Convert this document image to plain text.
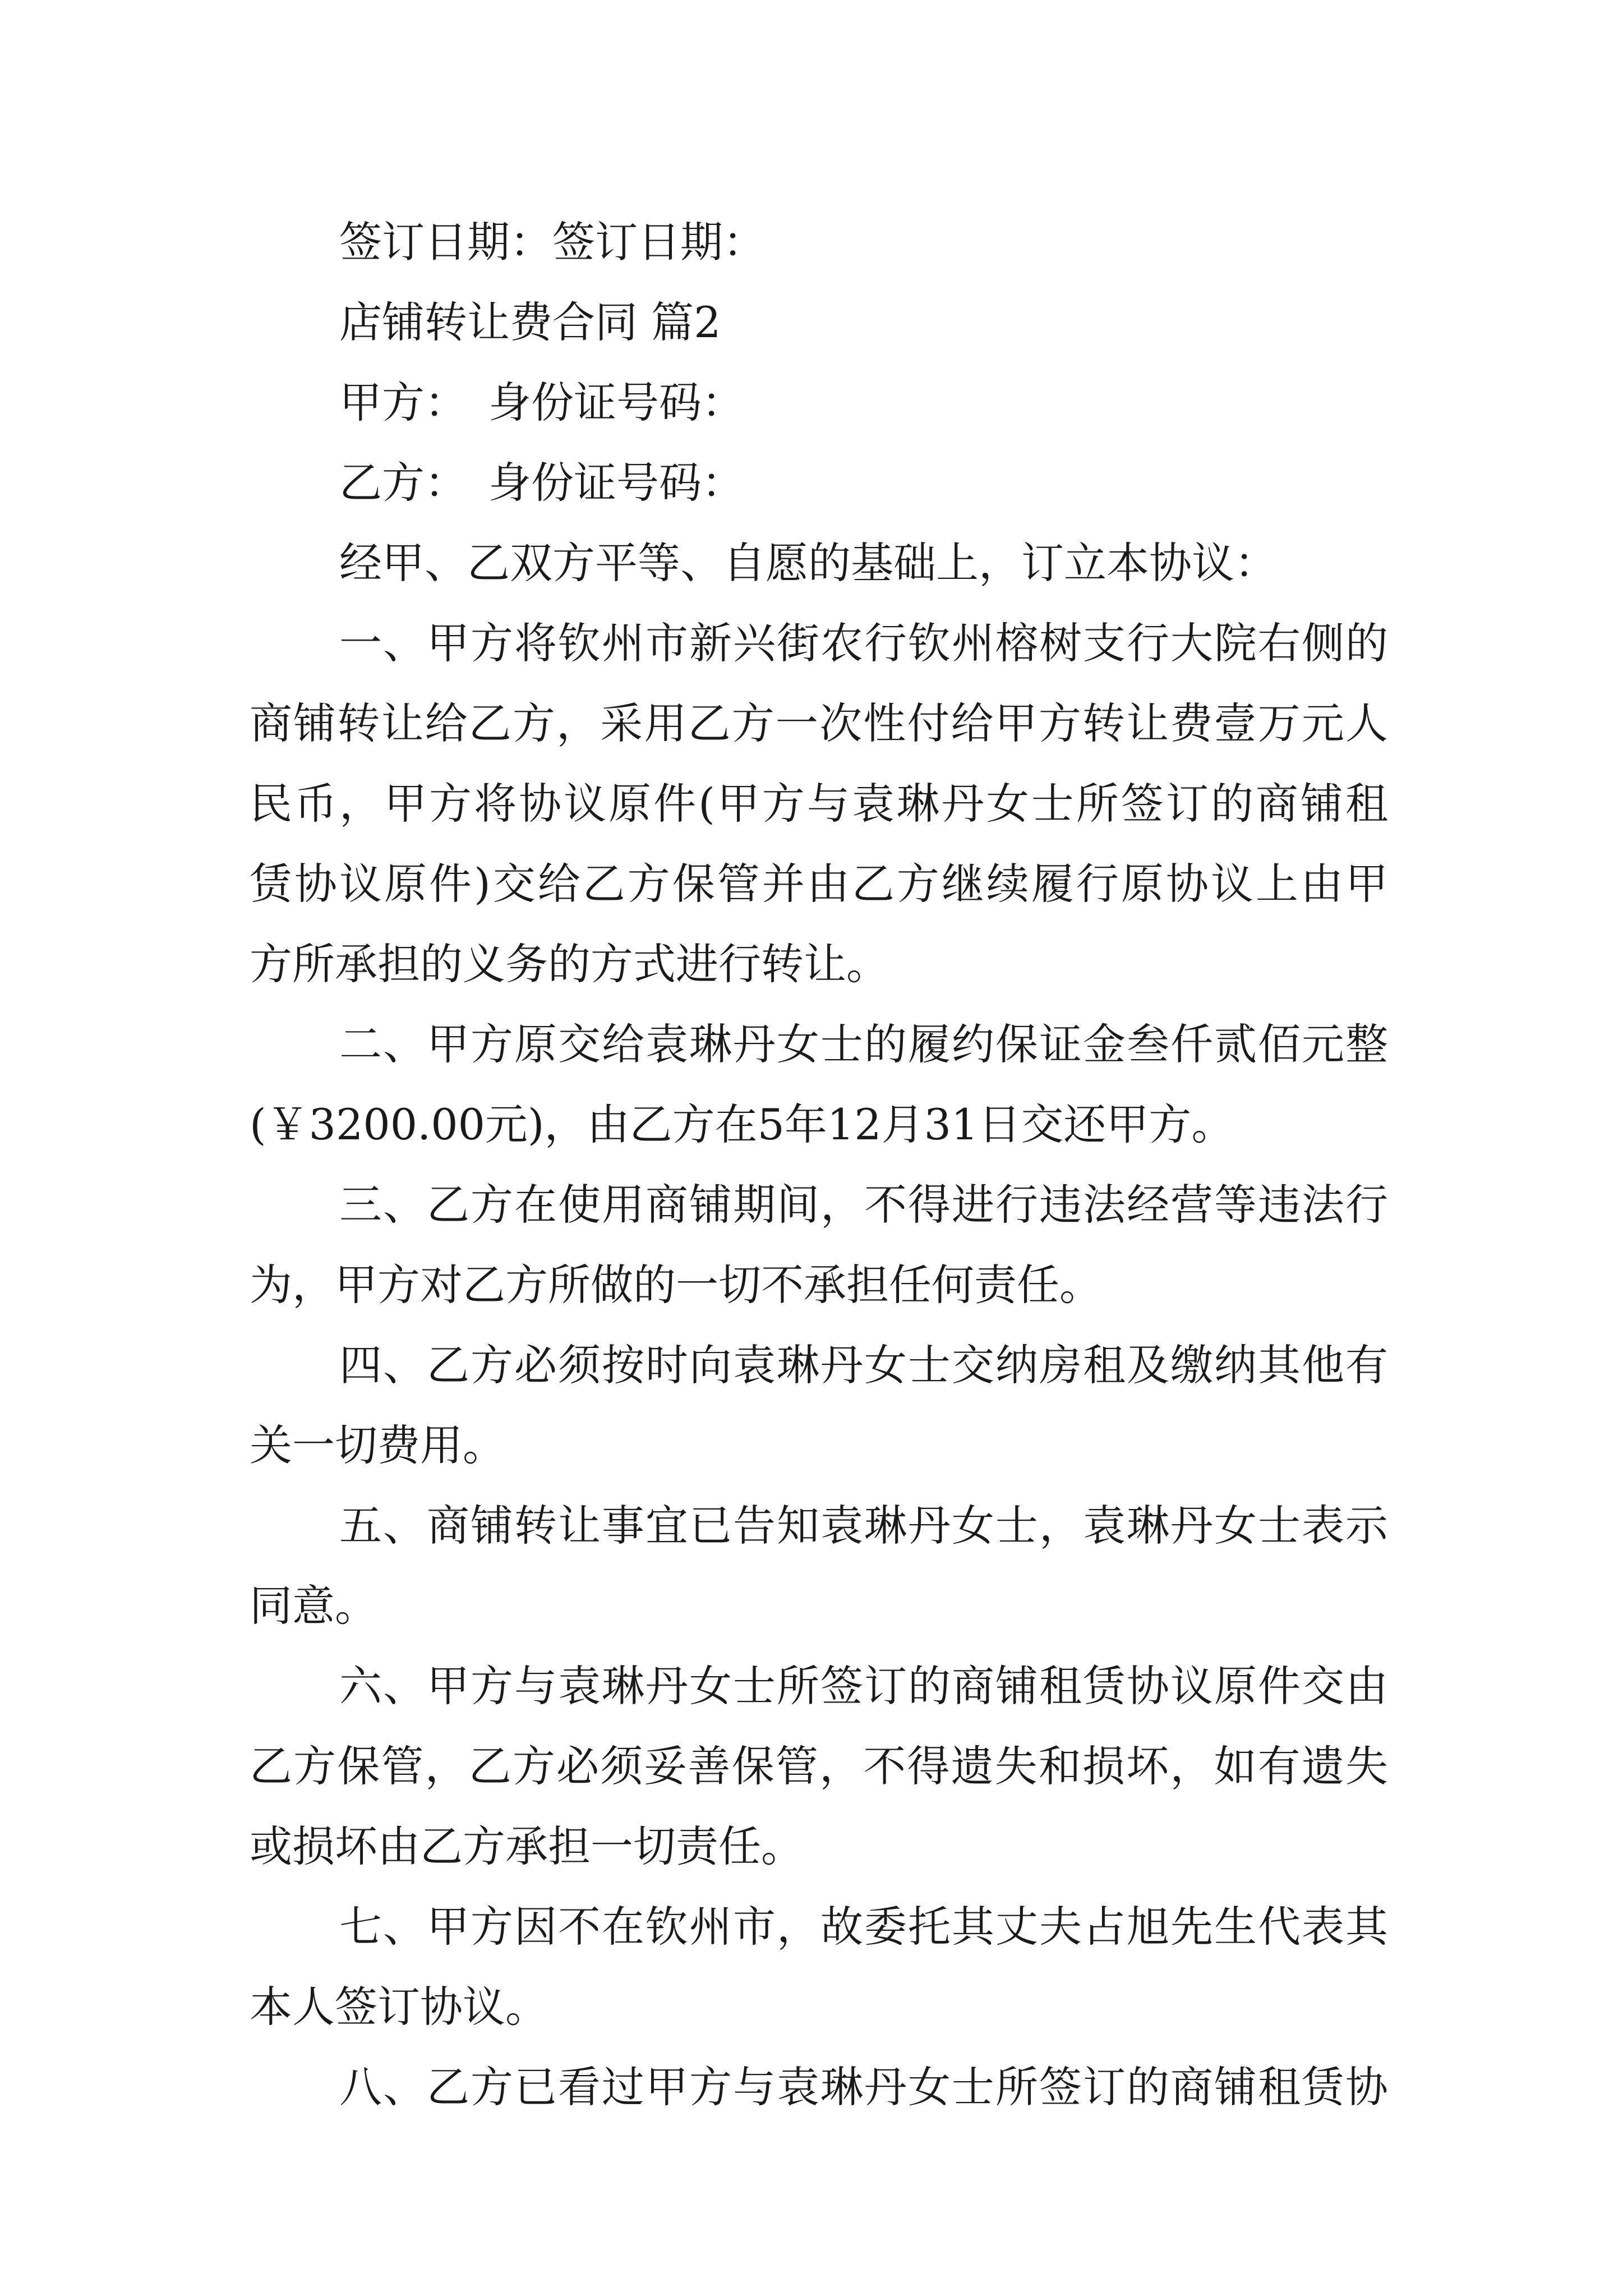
签订日期：签订日期：

店铺转让费合同 篇2

甲方：　身份证号码：

乙方：　身份证号码：

经甲、乙双方平等、自愿的基础上，订立本协议：

一、甲方将钦州市新兴街农行钦州榕树支行大院右侧的

商铺转让给乙方，采用乙方一次性付给甲方转让费壹万元人

民币，甲方将协议原件(甲方与袁琳丹女士所签订的商铺租

赁协议原件)交给乙方保管并由乙方继续履行原协议上由甲

方所承担的义务的方式进行转让。

二、甲方原交给袁琳丹女士的履约保证金叁仟贰佰元整

(￥3200.00元)，由乙方在5年12月31日交还甲方。

三、乙方在使用商铺期间，不得进行违法经营等违法行

为，甲方对乙方所做的一切不承担任何责任。

四、乙方必须按时向袁琳丹女士交纳房租及缴纳其他有

关一切费用。

五、商铺转让事宜已告知袁琳丹女士，袁琳丹女士表示

同意。

六、甲方与袁琳丹女士所签订的商铺租赁协议原件交由

乙方保管，乙方必须妥善保管，不得遗失和损坏，如有遗失

或损坏由乙方承担一切责任。

七、甲方因不在钦州市，故委托其丈夫占旭先生代表其

本人签订协议。

八、乙方已看过甲方与袁琳丹女士所签订的商铺租赁协
